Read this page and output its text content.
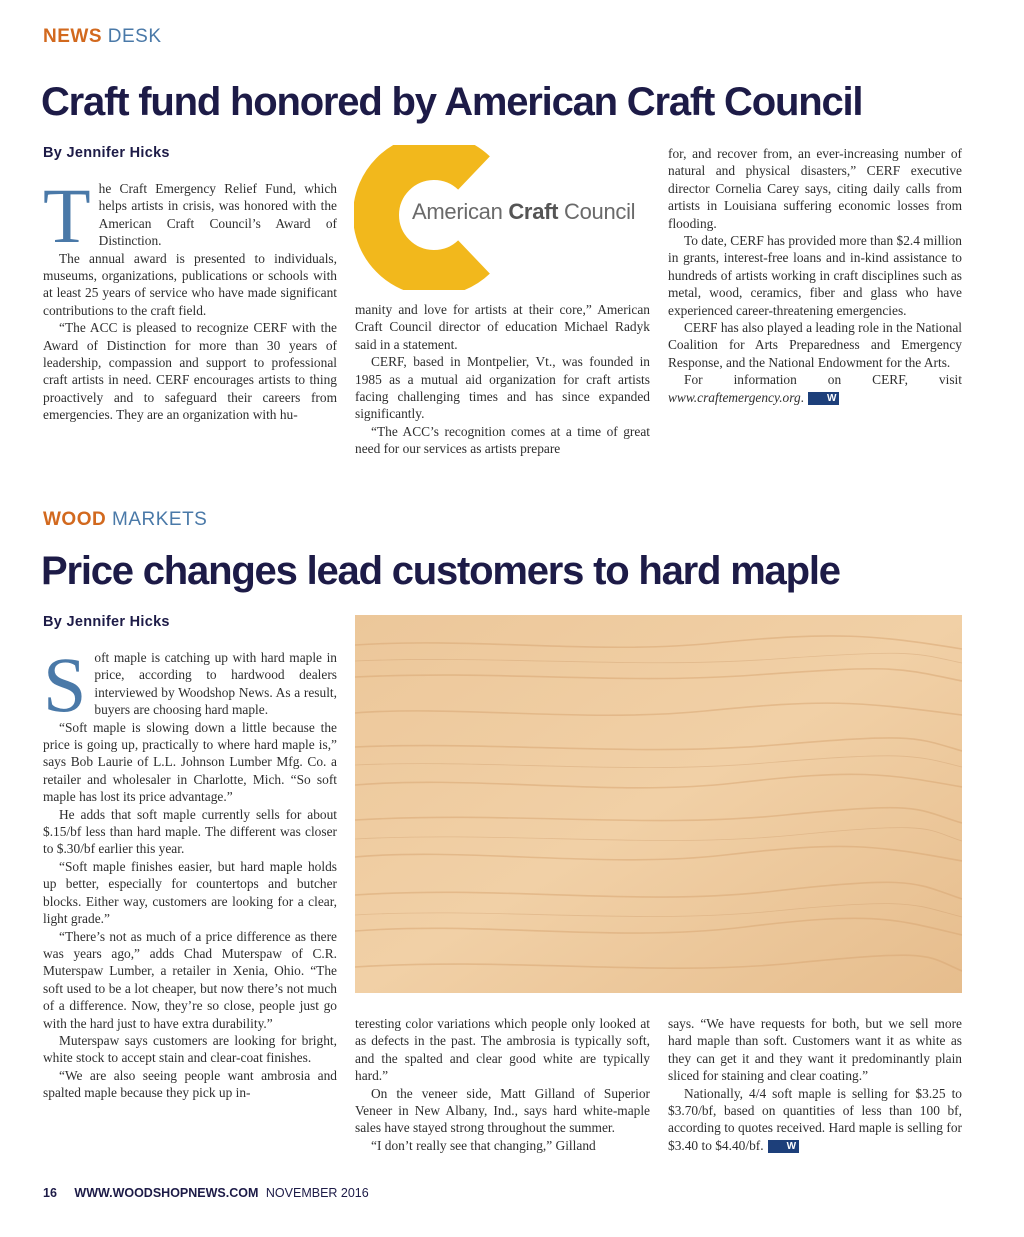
NEWS DESK
Craft fund honored by American Craft Council
By Jennifer Hicks
T he Craft Emergency Relief Fund, which helps artists in crisis, was honored with the American Craft Council’s Award of Distinction.

The annual award is presented to individuals, museums, organizations, publications or schools with at least 25 years of service who have made significant contributions to the craft field.

“The ACC is pleased to recognize CERF with the Award of Distinction for more than 30 years of leadership, compassion and support to professional craft artists in need. CERF encourages artists to thing proactively and to safeguard their careers from emergencies. They are an organization with hu-

American Craft Council

manity and love for artists at their core,” American Craft Council director of education Michael Radyk said in a statement.

CERF, based in Montpelier, Vt., was founded in 1985 as a mutual aid organization for craft artists facing challenging times and has since expanded significantly.

“The ACC’s recognition comes at a time of great need for our services as artists prepare

for, and recover from, an ever-increasing number of natural and physical disasters,” CERF executive director Cornelia Carey says, citing daily calls from artists in Louisiana suffering economic losses from flooding.

To date, CERF has provided more than $2.4 million in grants, interest-free loans and in-kind assistance to hundreds of artists working in craft disciplines such as metal, wood, ceramics, fiber and glass who have experienced career-threatening emergencies.

CERF has also played a leading role in the National Coalition for Arts Preparedness and Emergency Response, and the National Endowment for the Arts.

For information on CERF, visit www.craftemergency.org. W

WOOD MARKETS
Price changes lead customers to hard maple
By Jennifer Hicks
S oft maple is catching up with hard maple in price, according to hardwood dealers interviewed by Woodshop News. As a result, buyers are choosing hard maple.

“Soft maple is slowing down a little because the price is going up, practically to where hard maple is,” says Bob Laurie of L.L. Johnson Lumber Mfg. Co. a retailer and wholesaler in Charlotte, Mich. “So soft maple has lost its price advantage.”

He adds that soft maple currently sells for about $.15/bf less than hard maple. The different was closer to $.30/bf earlier this year.

“Soft maple finishes easier, but hard maple holds up better, especially for countertops and butcher blocks. Either way, customers are looking for a clear, light grade.”

“There’s not as much of a price difference as there was years ago,” adds Chad Muterspaw of C.R. Muterspaw Lumber, a retailer in Xenia, Ohio. “The soft used to be a lot cheaper, but now there’s not much of a difference. Now, they’re so close, people just go with the hard just to have extra durability.”

Muterspaw says customers are looking for bright, white stock to accept stain and clear-coat finishes.

“We are also seeing people want ambrosia and spalted maple because they pick up in-

teresting color variations which people only looked at as defects in the past. The ambrosia is typically soft, and the spalted and clear good white are typically hard.”

On the veneer side, Matt Gilland of Superior Veneer in New Albany, Ind., says hard white-maple sales have stayed strong throughout the summer.

“I don’t really see that changing,” Gilland

says. “We have requests for both, but we sell more hard maple than soft. Customers want it as white as they can get it and they want it predominantly plain sliced for staining and clear coating.”

Nationally, 4/4 soft maple is selling for $3.25 to $3.70/bf, based on quantities of less than 100 bf, according to quotes received. Hard maple is selling for $3.40 to $4.40/bf. W

16 WWW.WOODSHOPNEWS.COM NOVEMBER 2016
